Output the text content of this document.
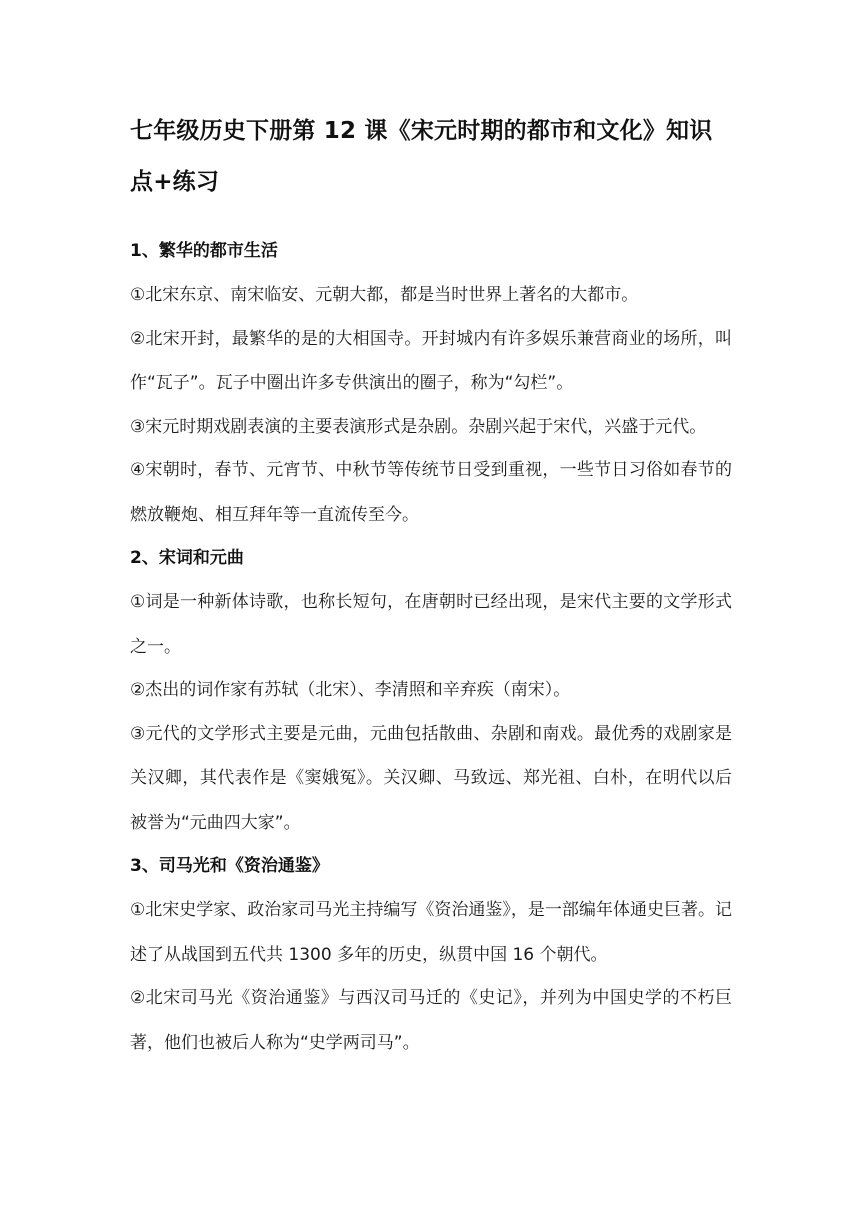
七年级历史下册第 12 课《宋元时期的都市和文化》知识点+练习
1、繁华的都市生活

①北宋东京、南宋临安、元朝大都，都是当时世界上著名的大都市。

②北宋开封，最繁华的是的大相国寺。开封城内有许多娱乐兼营商业的场所，叫作“瓦子”。瓦子中圈出许多专供演出的圈子，称为“勾栏”。

③宋元时期戏剧表演的主要表演形式是杂剧。杂剧兴起于宋代，兴盛于元代。

④宋朝时，春节、元宵节、中秋节等传统节日受到重视，一些节日习俗如春节的燃放鞭炮、相互拜年等一直流传至今。

2、宋词和元曲

①词是一种新体诗歌，也称长短句，在唐朝时已经出现，是宋代主要的文学形式之一。

②杰出的词作家有苏轼（北宋）、李清照和辛弃疾（南宋）。

③元代的文学形式主要是元曲，元曲包括散曲、杂剧和南戏。最优秀的戏剧家是关汉卿，其代表作是《窦娥冤》。关汉卿、马致远、郑光祖、白朴，在明代以后被誉为“元曲四大家”。

3、司马光和《资治通鉴》

①北宋史学家、政治家司马光主持编写《资治通鉴》，是一部编年体通史巨著。记述了从战国到五代共 1300 多年的历史，纵贯中国 16 个朝代。

②北宋司马光《资治通鉴》与西汉司马迁的《史记》，并列为中国史学的不朽巨著，他们也被后人称为“史学两司马”。
